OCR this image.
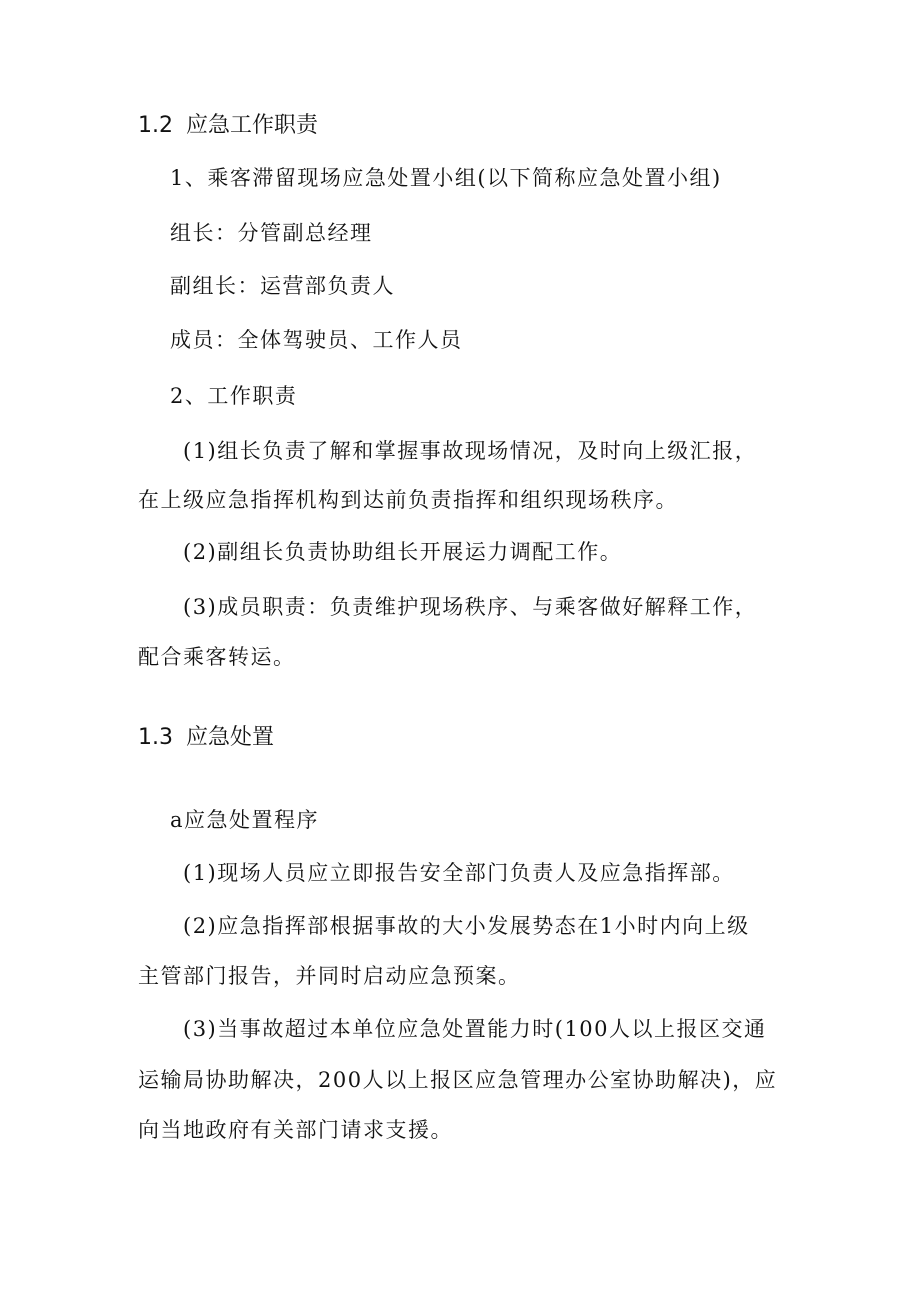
1.2 应急工作职责
1、乘客滞留现场应急处置小组(以下简称应急处置小组)
组长：分管副总经理
副组长：运营部负责人
成员：全体驾驶员、工作人员
2、工作职责
(1)组长负责了解和掌握事故现场情况，及时向上级汇报，
在上级应急指挥机构到达前负责指挥和组织现场秩序。
(2)副组长负责协助组长开展运力调配工作。
(3)成员职责：负责维护现场秩序、与乘客做好解释工作，
配合乘客转运。
1.3 应急处置
a应急处置程序
(1)现场人员应立即报告安全部门负责人及应急指挥部。
(2)应急指挥部根据事故的大小发展势态在1小时内向上级
主管部门报告，并同时启动应急预案。
(3)当事故超过本单位应急处置能力时(100人以上报区交通
运输局协助解决，200人以上报区应急管理办公室协助解决)，应
向当地政府有关部门请求支援。
